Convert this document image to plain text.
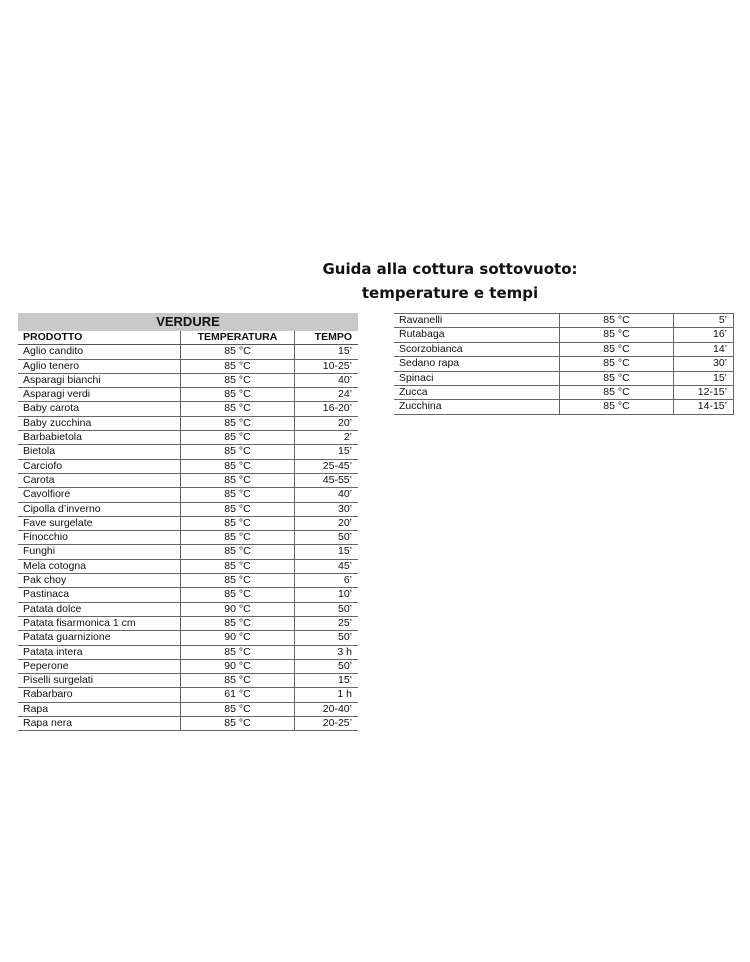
Guida alla cottura sottovuoto:
temperature e tempi
VERDURE		
PRODOTTO	TEMPERATURA	TEMPO
Aglio candito	85 °C	15’
Aglio tenero	85 °C	10-25’
Asparagi bianchi	85 °C	40’
Asparagi verdi	85 °C	24’
Baby carota	85 °C	16-20’
Baby zucchina	85 °C	20’
Barbabietola	85 °C	2’
Bietola	85 °C	15’
Carciofo	85 °C	25-45’
Carota	85 °C	45-55’
Cavolfiore	85 °C	40’
Cipolla d’inverno	85 °C	30’
Fave surgelate	85 °C	20’
Finocchio	85 °C	50’
Funghi	85 °C	15’
Mela cotogna	85 °C	45’
Pak choy	85 °C	6’
Pastinaca	85 °C	10’
Patata dolce	90 °C	50’
Patata fisarmonica 1 cm	85 °C	25’
Patata guarnizione	90 °C	50’
Patata intera	85 °C	3 h
Peperone	90 °C	50’
Piselli surgelati	85 °C	15’
Rabarbaro	61 °C	1 h
Rapa	85 °C	20-40’
Rapa nera	85 °C	20-25’
Ravanelli	85 °C	5’
Rutabaga	85 °C	16’
Scorzobianca	85 °C	14’
Sedano rapa	85 °C	30’
Spinaci	85 °C	15’
Zucca	85 °C	12-15’
Zucchina	85 °C	14-15’
